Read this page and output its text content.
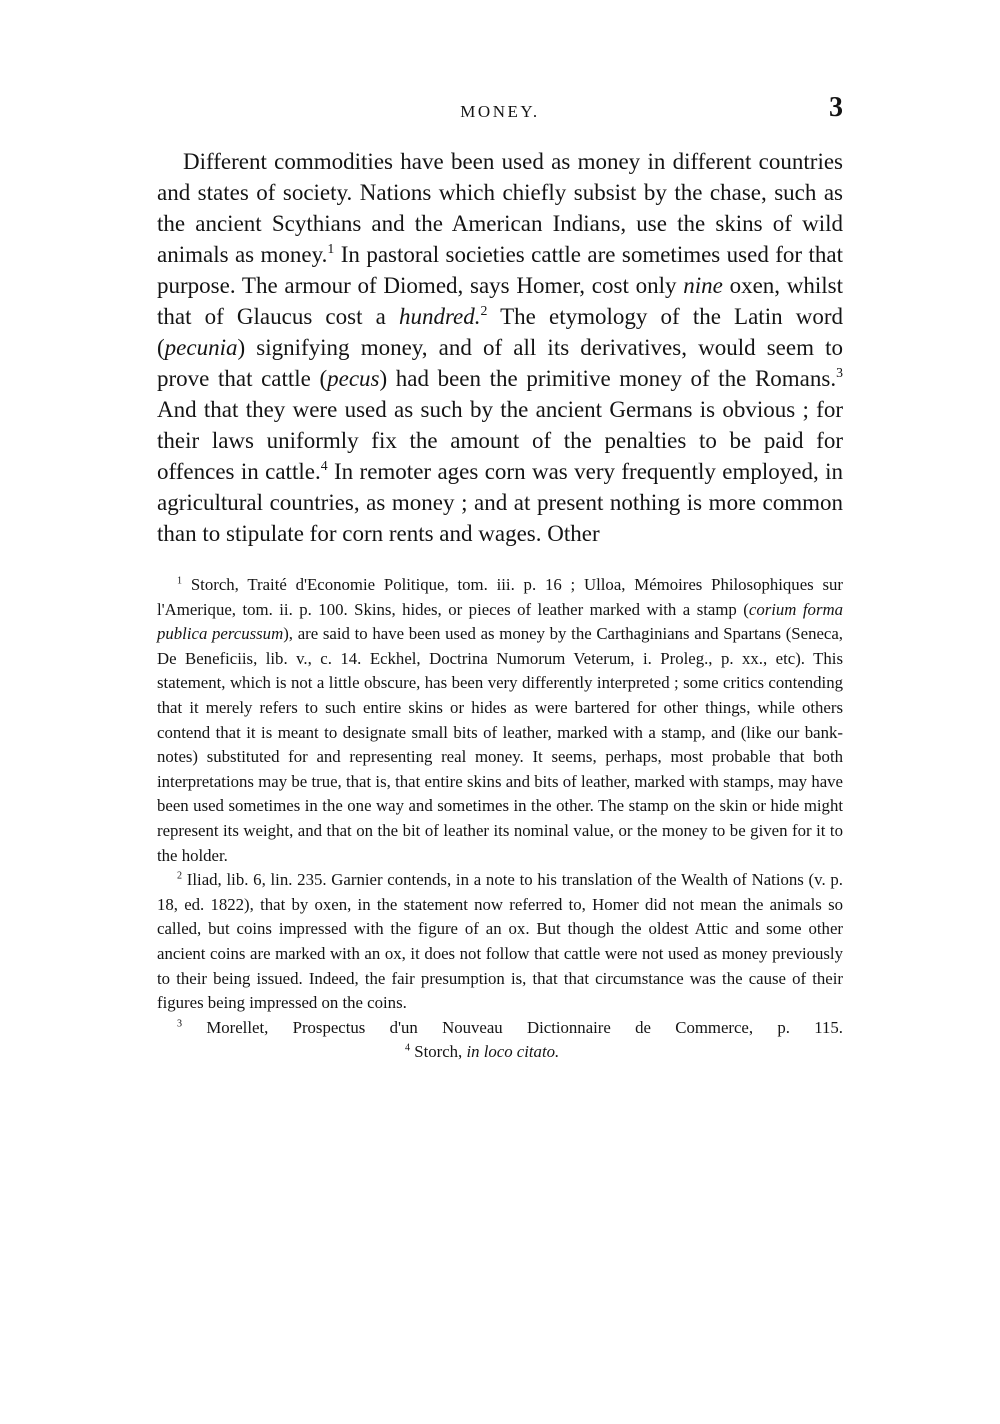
MONEY.	3

Different commodities have been used as money in different countries and states of society. Nations which chiefly subsist by the chase, such as the ancient Scythians and the American Indians, use the skins of wild animals as money.$^1$ In pastoral societies cattle are sometimes used for that purpose. The armour of Diomed, says Homer, cost only nine oxen, whilst that of Glaucus cost a hundred.$^2$ The etymology of the Latin word (pecunia) signifying money, and of all its derivatives, would seem to prove that cattle (pecus) had been the primitive money of the Romans.$^3$ And that they were used as such by the ancient Germans is obvious ; for their laws uniformly fix the amount of the penalties to be paid for offences in cattle.$^4$ In remoter ages corn was very frequently employed, in agricultural countries, as money ; and at present nothing is more common than to stipulate for corn rents and wages. Other

$^1$ Storch, Traité d'Economie Politique, tom. iii. p. 16 ; Ulloa, Mémoires Philosophiques sur l'Amerique, tom. ii. p. 100. Skins, hides, or pieces of leather marked with a stamp (corium forma publica percussum), are said to have been used as money by the Carthaginians and Spartans (Seneca, De Beneficiis, lib. v., c. 14. Eckhel, Doctrina Numorum Veterum, i. Proleg., p. xx., etc). This statement, which is not a little obscure, has been very differently interpreted ; some critics contending that it merely refers to such entire skins or hides as were bartered for other things, while others contend that it is meant to designate small bits of leather, marked with a stamp, and (like our bank-notes) substituted for and representing real money. It seems, perhaps, most probable that both interpretations may be true, that is, that entire skins and bits of leather, marked with stamps, may have been used sometimes in the one way and sometimes in the other. The stamp on the skin or hide might represent its weight, and that on the bit of leather its nominal value, or the money to be given for it to the holder.

$^2$ Iliad, lib. 6, lin. 235. Garnier contends, in a note to his translation of the Wealth of Nations (v. p. 18, ed. 1822), that by oxen, in the statement now referred to, Homer did not mean the animals so called, but coins impressed with the figure of an ox. But though the oldest Attic and some other ancient coins are marked with an ox, it does not follow that cattle were not used as money previously to their being issued. Indeed, the fair presumption is, that that circumstance was the cause of their figures being impressed on the coins.

$^3$ Morellet, Prospectus d'un Nouveau Dictionnaire de Commerce, p. 115.$^4$ Storch, in loco citato.
